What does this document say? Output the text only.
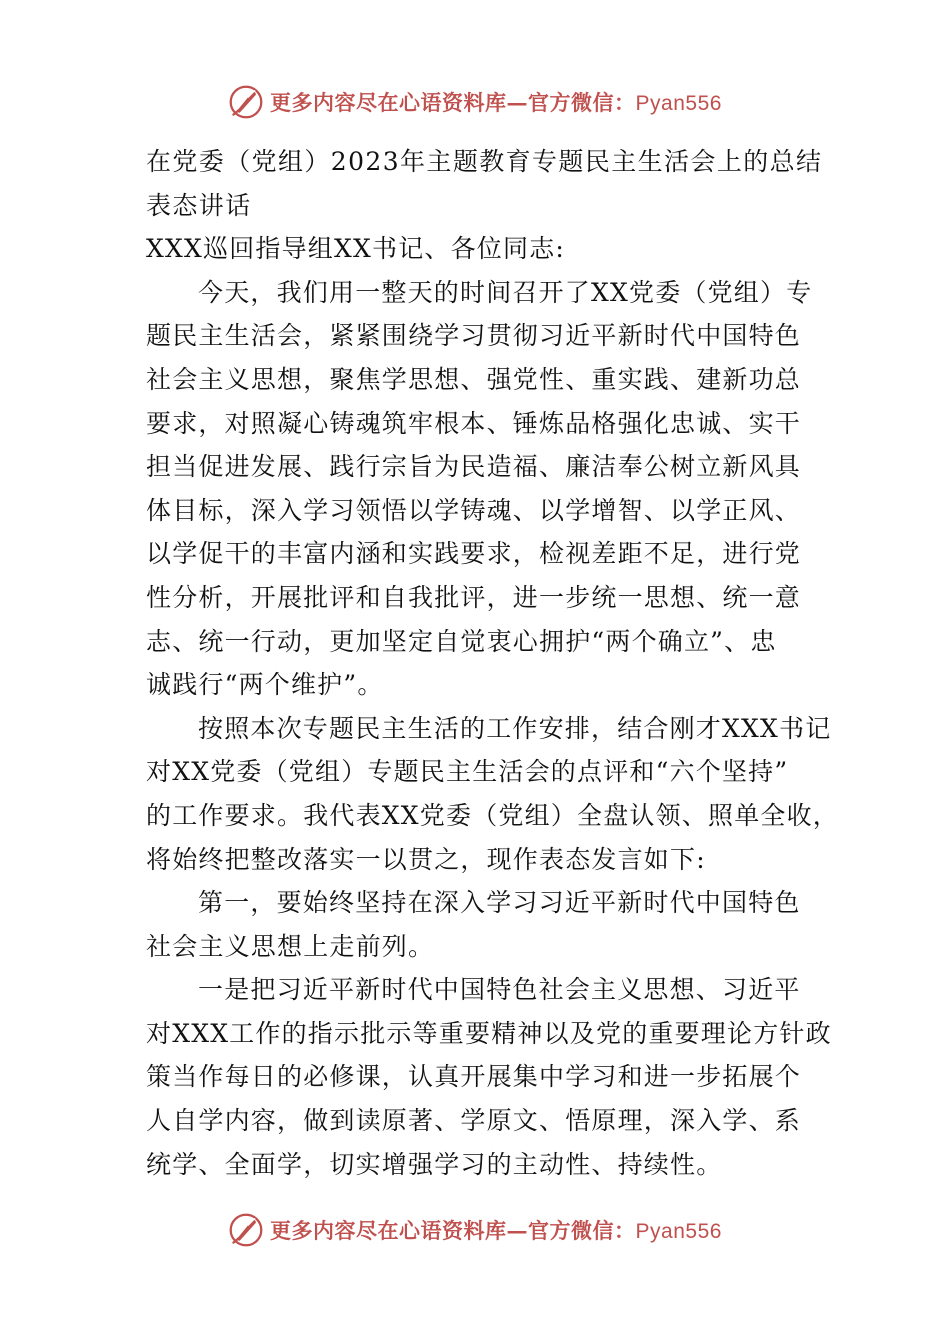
更多内容尽在心语资料库—官方微信：Pyan556
在党委（党组）2023年主题教育专题民主生活会上的总结
表态讲话
XXX巡回指导组XX书记、各位同志:
今天，我们用一整天的时间召开了XX党委（党组）专
题民主生活会，紧紧围绕学习贯彻习近平新时代中国特色
社会主义思想，聚焦学思想、强党性、重实践、建新功总
要求，对照凝心铸魂筑牢根本、锤炼品格强化忠诚、实干
担当促进发展、践行宗旨为民造福、廉洁奉公树立新风具
体目标，深入学习领悟以学铸魂、以学增智、以学正风、
以学促干的丰富内涵和实践要求，检视差距不足，进行党
性分析，开展批评和自我批评，进一步统一思想、统一意
志、统一行动，更加坚定自觉衷心拥护“两个确立”、忠
诚践行“两个维护”。
按照本次专题民主生活的工作安排，结合刚才XXX书记
对XX党委（党组）专题民主生活会的点评和“六个坚持”
的工作要求。我代表XX党委（党组）全盘认领、照单全收，
将始终把整改落实一以贯之，现作表态发言如下:
第一，要始终坚持在深入学习习近平新时代中国特色
社会主义思想上走前列。
一是把习近平新时代中国特色社会主义思想、习近平
对XXX工作的指示批示等重要精神以及党的重要理论方针政
策当作每日的必修课，认真开展集中学习和进一步拓展个
人自学内容，做到读原著、学原文、悟原理，深入学、系
统学、全面学，切实增强学习的主动性、持续性。
更多内容尽在心语资料库—官方微信：Pyan556
